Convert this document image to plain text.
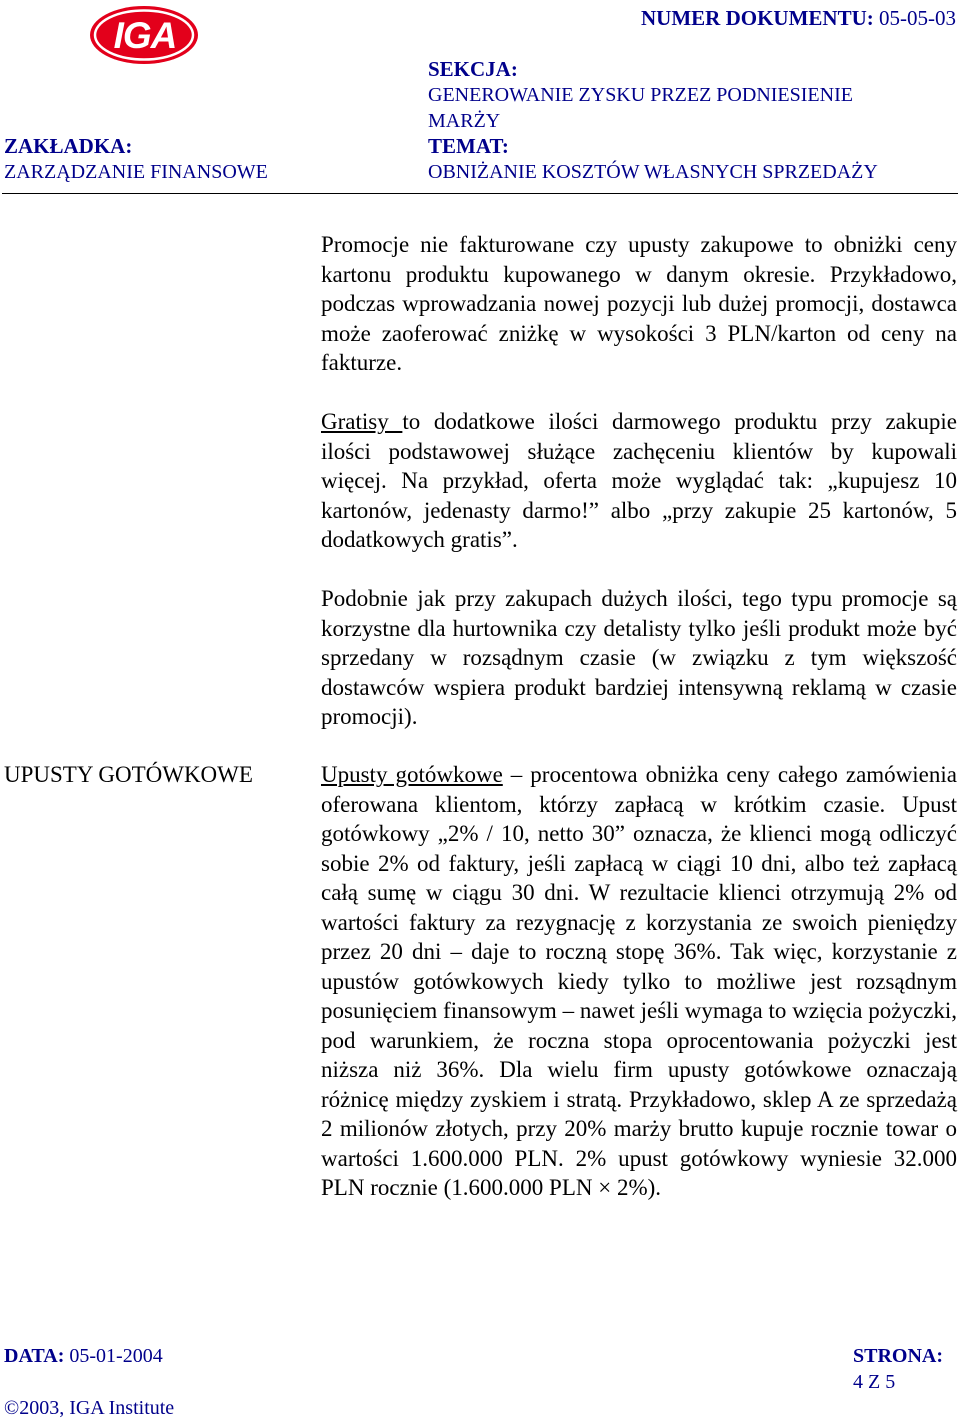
IGA	NUMER DOKUMENTU: 05-05-03
SEKCJA:
GENEROWANIE ZYSKU PRZEZ PODNIESIENIE
MARŻY
ZAKŁADKA:
ZARZĄDZANIE FINANSOWE
TEMAT:
OBNIŻANIE KOSZTÓW WŁASNYCH SPRZEDAŻY

Promocje nie fakturowane czy upusty zakupowe to obniżki ceny kartonu produktu kupowanego w danym okresie. Przykładowo, podczas wprowadzania nowej pozycji lub dużej promocji, dostawca może zaoferować zniżkę w wysokości 3 PLN/karton od ceny na fakturze.

Gratisy to dodatkowe ilości darmowego produktu przy zakupie ilości podstawowej służące zachęceniu klientów by kupowali więcej. Na przykład, oferta może wyglądać tak: „kupujesz 10 kartonów, jedenasty darmo!” albo „przy zakupie 25 kartonów, 5 dodatkowych gratis”.

Podobnie jak przy zakupach dużych ilości, tego typu promocje są korzystne dla hurtownika czy detalisty tylko jeśli produkt może być sprzedany w rozsądnym czasie (w związku z tym większość dostawców wspiera produkt bardziej intensywną reklamą w czasie promocji).

UPUSTY GOTÓWKOWE	Upusty gotówkowe – procentowa obniżka ceny całego zamówienia oferowana klientom, którzy zapłacą w krótkim czasie. Upust gotówkowy „2% / 10, netto 30” oznacza, że klienci mogą odliczyć sobie 2% od faktury, jeśli zapłacą w ciągi 10 dni, albo też zapłacą całą sumę w ciągu 30 dni. W rezultacie klienci otrzymują 2% od wartości faktury za rezygnację z korzystania ze swoich pieniędzy przez 20 dni – daje to roczną stopę 36%. Tak więc, korzystanie z upustów gotówkowych kiedy tylko to możliwe jest rozsądnym posunięciem finansowym – nawet jeśli wymaga to wzięcia pożyczki, pod warunkiem, że roczna stopa oprocentowania pożyczki jest niższa niż 36%. Dla wielu firm upusty gotówkowe oznaczają różnicę między zyskiem i stratą. Przykładowo, sklep A ze sprzedażą 2 milionów złotych, przy 20% marży brutto kupuje rocznie towar o wartości 1.600.000 PLN. 2% upust gotówkowy wyniesie 32.000 PLN rocznie (1.600.000 PLN × 2%).

DATA: 05-01-2004	STRONA:
4 Z 5
©2003, IGA Institute
